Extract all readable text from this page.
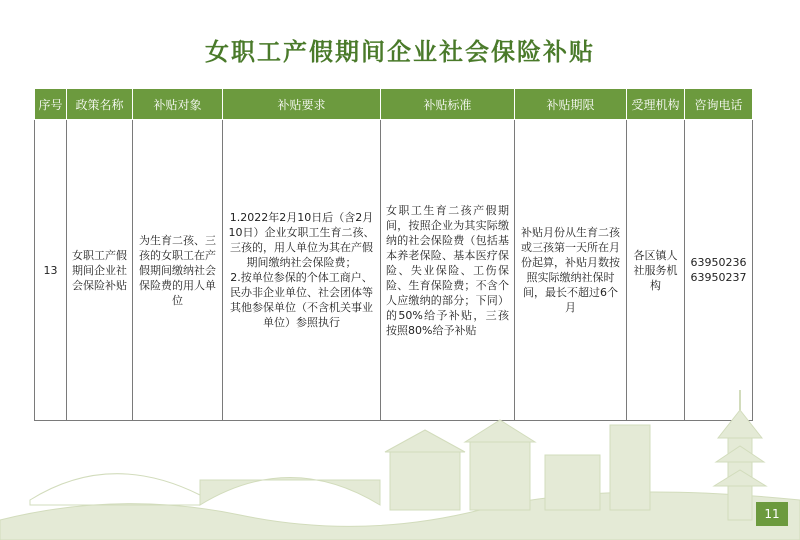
女职工产假期间企业社会保险补贴
序号	政策名称	补贴对象	补贴要求	补贴标准	补贴期限	受理机构	咨询电话
13	女职工产假期间企业社会保险补贴	为生育二孩、三孩的女职工在产假期间缴纳社会保险费的用人单位	1.2022年2月10日后（含2月10日）企业女职工生育二孩、三孩的，用人单位为其在产假期间缴纳社会保险费；
2.按单位参保的个体工商户、民办非企业单位、社会团体等其他参保单位（不含机关事业单位）参照执行	女职工生育二孩产假期间，按照企业为其实际缴纳的社会保险费（包括基本养老保险、基本医疗保险、失业保险、工伤保险、生育保险费；不含个人应缴纳的部分；下同）的50%给予补贴，三孩按照80%给予补贴	补贴月份从生育二孩或三孩第一天所在月份起算，补贴月数按照实际缴纳社保时间，最长不超过6个月	各区镇人社服务机构	63950236
63950237
11
